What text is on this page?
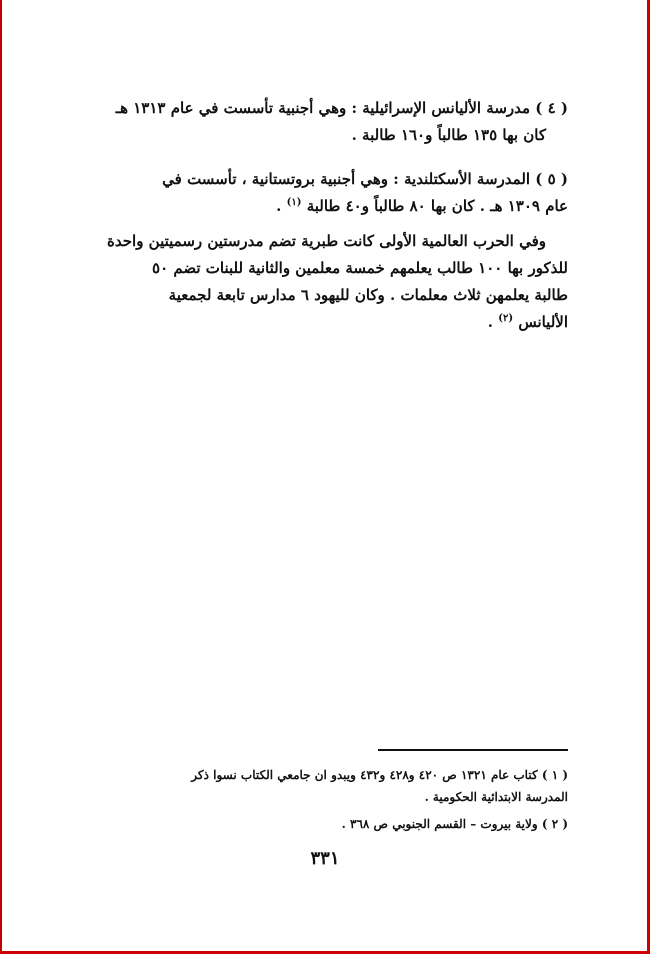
( ٤ ) مدرسة الأليانس الإسرائيلية : وهي أجنبية تأسست في عام ١٣١٣ هـ
كان بها ١٣٥ طالباً و١٦٠ طالبة .
( ٥ ) المدرسة الأسكتلندية : وهي أجنبية بروتستانية ، تأسست في
عام ١٣٠٩ هـ . كان بها ٨٠ طالباً و٤٠ طالبة $^{(١)}$ .
وفي الحرب العالمية الأولى كانت طبرية تضم مدرستين رسميتين واحدة
للذكور بها ١٠٠ طالب يعلمهم خمسة معلمين والثانية للبنات تضم ٥٠
طالبة يعلمهن ثلاث معلمات . وكان لليهود ٦ مدارس تابعة لجمعية
الأليانس $^{(٢)}$ .
( ١ ) كتاب عام ١٣٢١ ص ٤٢٠ و٤٢٨ و٤٣٢ ويبدو ان جامعي الكتاب نسوا ذكر
المدرسة الابتدائية الحكومية .
( ٢ ) ولاية بيروت – القسم الجنوبي ص ٣٦٨ .
٣٣١
